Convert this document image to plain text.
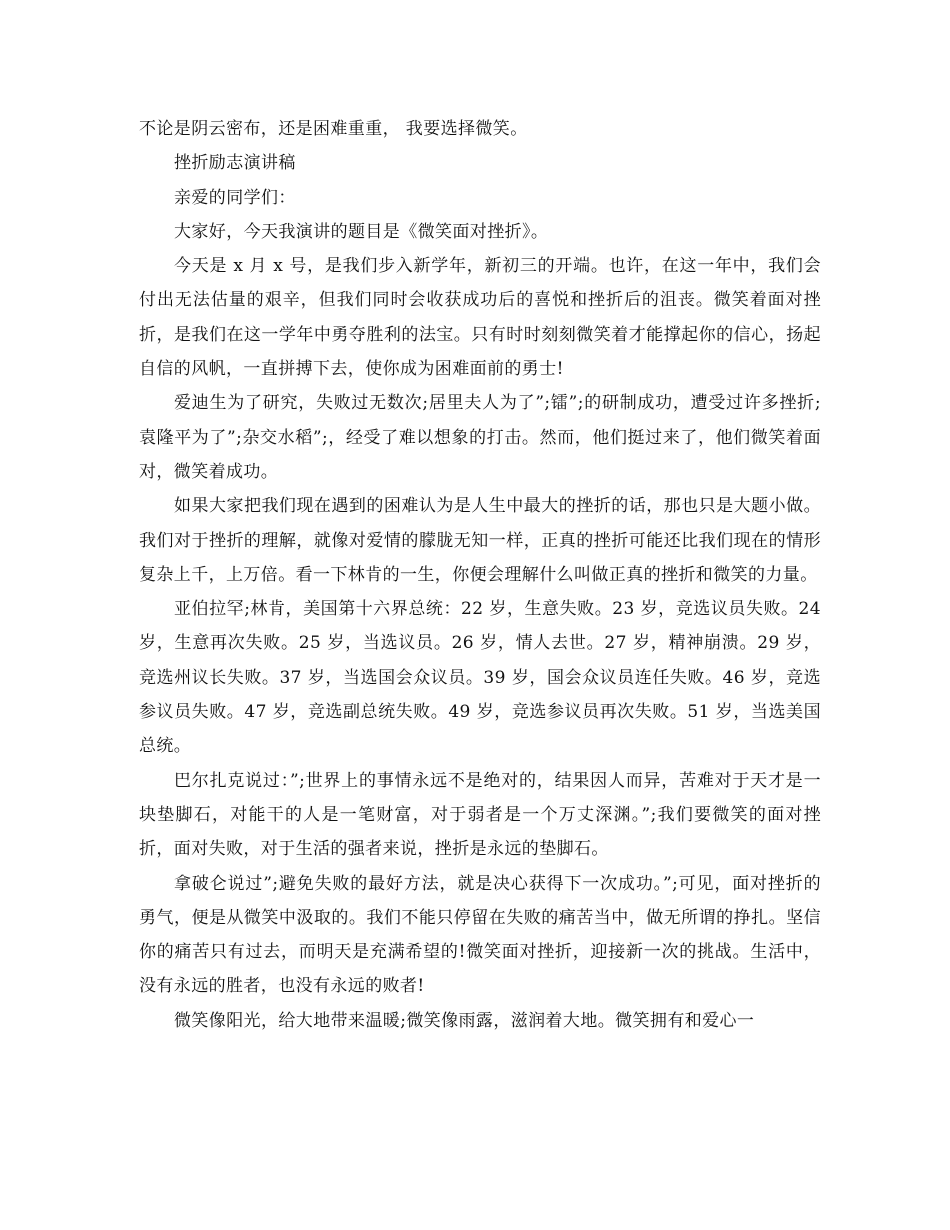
不论是阴云密布，还是困难重重， 我要选择微笑。

挫折励志演讲稿

亲爱的同学们：

大家好，今天我演讲的题目是《微笑面对挫折》。

今天是 x 月 x 号，是我们步入新学年，新初三的开端。也许，在这一年中，我们会付出无法估量的艰辛，但我们同时会收获成功后的喜悦和挫折后的沮丧。微笑着面对挫折，是我们在这一学年中勇夺胜利的法宝。只有时时刻刻微笑着才能撑起你的信心，扬起自信的风帆，一直拼搏下去，使你成为困难面前的勇士!

爱迪生为了研究，失败过无数次;居里夫人为了”;镭”;的研制成功，遭受过许多挫折;袁隆平为了”;杂交水稻”;，经受了难以想象的打击。然而，他们挺过来了，他们微笑着面对，微笑着成功。

如果大家把我们现在遇到的困难认为是人生中最大的挫折的话，那也只是大题小做。我们对于挫折的理解，就像对爱情的朦胧无知一样，正真的挫折可能还比我们现在的情形复杂上千，上万倍。看一下林肯的一生，你便会理解什么叫做正真的挫折和微笑的力量。

亚伯拉罕;林肯，美国第十六界总统：22 岁，生意失败。23 岁，竞选议员失败。24 岁，生意再次失败。25 岁，当选议员。26 岁，情人去世。27 岁，精神崩溃。29 岁，竞选州议长失败。37 岁，当选国会众议员。39 岁，国会众议员连任失败。46 岁，竞选参议员失败。47 岁，竞选副总统失败。49 岁，竞选参议员再次失败。51 岁，当选美国总统。

巴尔扎克说过：”;世界上的事情永远不是绝对的，结果因人而异，苦难对于天才是一块垫脚石，对能干的人是一笔财富，对于弱者是一个万丈深渊。”;我们要微笑的面对挫折，面对失败，对于生活的强者来说，挫折是永远的垫脚石。

拿破仑说过”;避免失败的最好方法，就是决心获得下一次成功。”;可见，面对挫折的勇气，便是从微笑中汲取的。我们不能只停留在失败的痛苦当中，做无所谓的挣扎。坚信你的痛苦只有过去，而明天是充满希望的!微笑面对挫折，迎接新一次的挑战。生活中，没有永远的胜者，也没有永远的败者!

微笑像阳光，给大地带来温暖;微笑像雨露，滋润着大地。微笑拥有和爱心一
